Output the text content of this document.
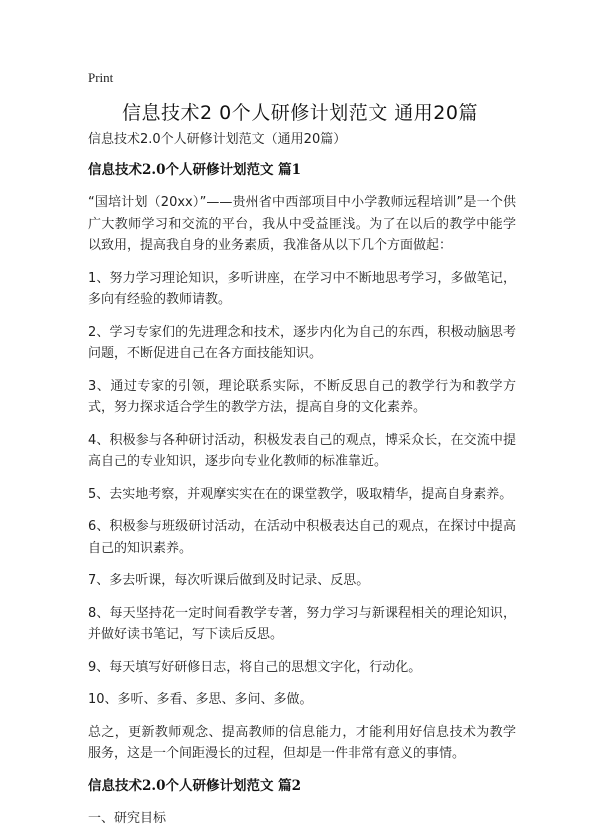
Print
信息技术2 0个人研修计划范文 通用20篇

信息技术2.0个人研修计划范文（通用20篇）

信息技术2.0个人研修计划范文 篇1

“国培计划（20xx）”——贵州省中西部项目中小学教师远程培训”是一个供广大教师学习和交流的平台，我从中受益匪浅。为了在以后的教学中能学以致用，提高我自身的业务素质，我准备从以下几个方面做起：

1、努力学习理论知识，多听讲座，在学习中不断地思考学习，多做笔记，多向有经验的教师请教。

2、学习专家们的先进理念和技术，逐步内化为自己的东西，积极动脑思考问题，不断促进自己在各方面技能知识。

3、通过专家的引领，理论联系实际，不断反思自己的教学行为和教学方式，努力探求适合学生的教学方法，提高自身的文化素养。

4、积极参与各种研讨活动，积极发表自己的观点，博采众长，在交流中提高自己的专业知识，逐步向专业化教师的标准靠近。

5、去实地考察，并观摩实实在在的课堂教学，吸取精华，提高自身素养。

6、积极参与班级研讨活动，在活动中积极表达自己的观点，在探讨中提高自己的知识素养。

7、多去听课，每次听课后做到及时记录、反思。

8、每天坚持花一定时间看教学专著，努力学习与新课程相关的理论知识，并做好读书笔记，写下读后反思。

9、每天填写好研修日志，将自己的思想文字化，行动化。

10、多听、多看、多思、多问、多做。

总之，更新教师观念、提高教师的信息能力，才能利用好信息技术为教学服务，这是一个间距漫长的过程，但却是一件非常有意义的事情。

信息技术2.0个人研修计划范文 篇2

一、研究目标
